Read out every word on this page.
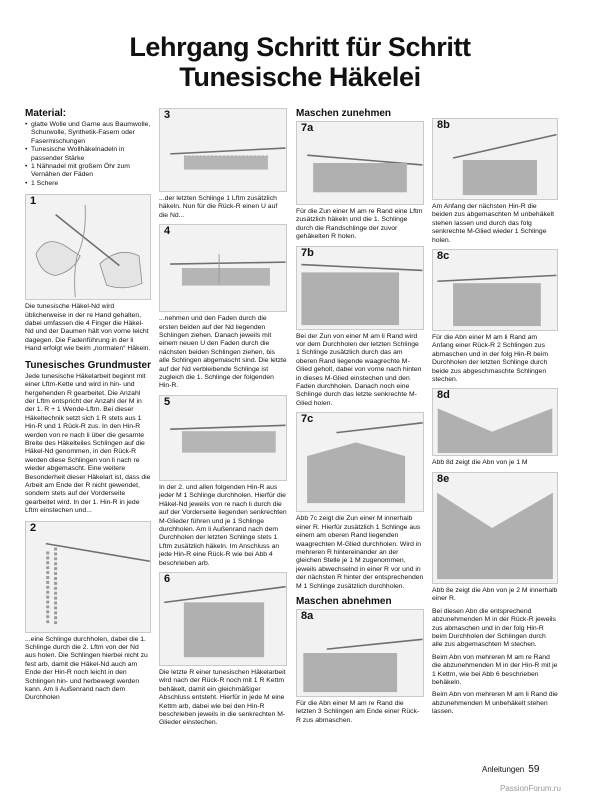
Lehrgang Schritt für Schritt
Tunesische Häkelei
Material:
• glatte Wolle und Garne aus Baumwolle, Schurwolle, Synthetik-Fasern oder Fasermischungen
• Tunesische Wollhäkelnadeln in passender Stärke
• 1 Nähnadel mit großem Öhr zum Vernähen der Fäden
• 1 Schere
1
Die tunesische Häkel-Nd wird üblicherweise in der re Hand gehalten, dabei umfassen die 4 Finger die Häkel-Nd und der Daumen hält von vorne leicht dagegen. Die Fadenführung in der li Hand erfolgt wie beim „normalen“ Häkeln.
Tunesisches Grundmuster
Jede tunesische Häkelarbeit beginnt mit einer Lftm-Kette und wird in hin- und hergehenden R gearbeitet. Die Anzahl der Lftm entspricht der Anzahl der M in der 1. R + 1 Wende-Lftm. Bei dieser Häkeltechnik setzt sich 1 R stets aus 1 Hin-R und 1 Rück-R zus. In den Hin-R werden von re nach li über die gesamte Breite des Häkelteiles Schlingen auf die Häkel-Nd genommen, in den Rück-R werden diese Schlingen von li nach re wieder abgemascht. Eine weitere Besonderheit dieser Häkelart ist, dass die Arbeit am Ende der R nicht gewendet, sondern stets auf der Vorderseite gearbeitet wird. In der 1. Hin-R in jede Lftm einstechen und...
2
...eine Schlinge durchholen, dabei die 1. Schlinge durch die 2. Lftm von der Nd aus holen. Die Schlingen hierbei nicht zu fest arb, damit die Häkel-Nd auch am Ende der Hin-R noch leicht in den Schlingen hin- und herbewegt werden kann. Am li Außenrand nach dem Durchholen
3
...der letzten Schlinge 1 Lftm zusätzlich häkeln. Nun für die Rück-R einen U auf die Nd...
4
...nehmen und den Faden durch die ersten beiden auf der Nd liegenden Schlingen ziehen. Danach jeweils mit einem neuen U den Faden durch die nächsten beiden Schlingen ziehen, bis alle Schlingen abgemascht sind. Die letzte auf der Nd verbleibende Schlinge ist zugleich die 1. Schlinge der folgenden Hin-R.
5
In der 2. und allen folgenden Hin-R aus jeder M 1 Schlinge durchholen. Hierfür die Häkel-Nd jeweils von re nach li durch die auf der Vorderseite liegenden senkrechten M-Glieder führen und je 1 Schlinge durchholen. Am li Außenrand nach dem Durchholen der letzten Schlinge stets 1 Lftm zusätzlich häkeln. Im Anschluss an jede Hin-R eine Rück-R wie bei Abb 4 beschrieben arb.
6
Die letzte R einer tunesischen Häkelarbeit wird nach der Rück-R noch mit 1 R Kettm behäkelt, damit ein gleichmäßiger Abschluss entsteht. Hierfür in jede M eine Kettm arb, dabei wie bei den Hin-R beschrieben jeweils in die senkrechten M-Glieder einstechen.
Maschen zunehmen
7a
Für die Zun einer M am re Rand eine Lftm zusätzlich häkeln und die 1. Schlinge durch die Randschlinge der zuvor gehäkelten R holen.
7b
Bei der Zun von einer M am li Rand wird vor dem Durchholen der letzten Schlinge 1 Schlinge zusätzlich durch das am oberen Rand liegende waagrechte M-Glied geholt, dabei von vorne nach hinten in dieses M-Glied einstechen und den Faden durchholen. Danach noch eine Schlinge durch das letzte senkrechte M-Glied holen.
7c
Abb 7c zeigt die Zun einer M innerhalb einer R. Hierfür zusätzlich 1 Schlinge aus einem am oberen Rand liegenden waagrechten M-Glied durchholen. Wird in mehreren R hintereinander an der gleichen Stelle je 1 M zugenommen, jeweils abwechselnd in einer R vor und in der nächsten R hinter der entsprechenden M 1 Schlinge zusätzlich durchholen.
Maschen abnehmen
8a
Für die Abn einer M am re Rand die letzten 3 Schlingen am Ende einer Rück-R zus abmaschen.
8b
Am Anfang der nächsten Hin-R die beiden zus abgemaschten M unbehäkelt stehen lassen und durch das folg senkrechte M-Glied wieder 1 Schlinge holen.
8c
Für die Abn einer M am li Rand am Anfang einer Rück-R 2 Schlingen zus abmaschen und in der folg Hin-R beim Durchholen der letzten Schlinge durch beide zus abgeschmaschte Schlingen stechen.
8d
Abb 8d zeigt die Abn von je 1 M
8e
Abb 8e zeigt die Abn von je 2 M innerhalb einer R.
Bei diesen Abn die entsprechend abzunehmenden M in der Rück-R jeweils zus abmaschen und in der folg Hin-R beim Durchholen der Schlingen durch alle zus abgemaschten M stechen.
Beim Abn von mehreren M am re Rand die abzunehmenden M in der Hin-R mit je 1 Kettm, wie bei Abb 6 beschrieben behäkeln.
Beim Abn von mehreren M am li Rand die abzunehmenden M unbehäkelt stehen lassen.
Anleitungen 59
PassionForum.ru
